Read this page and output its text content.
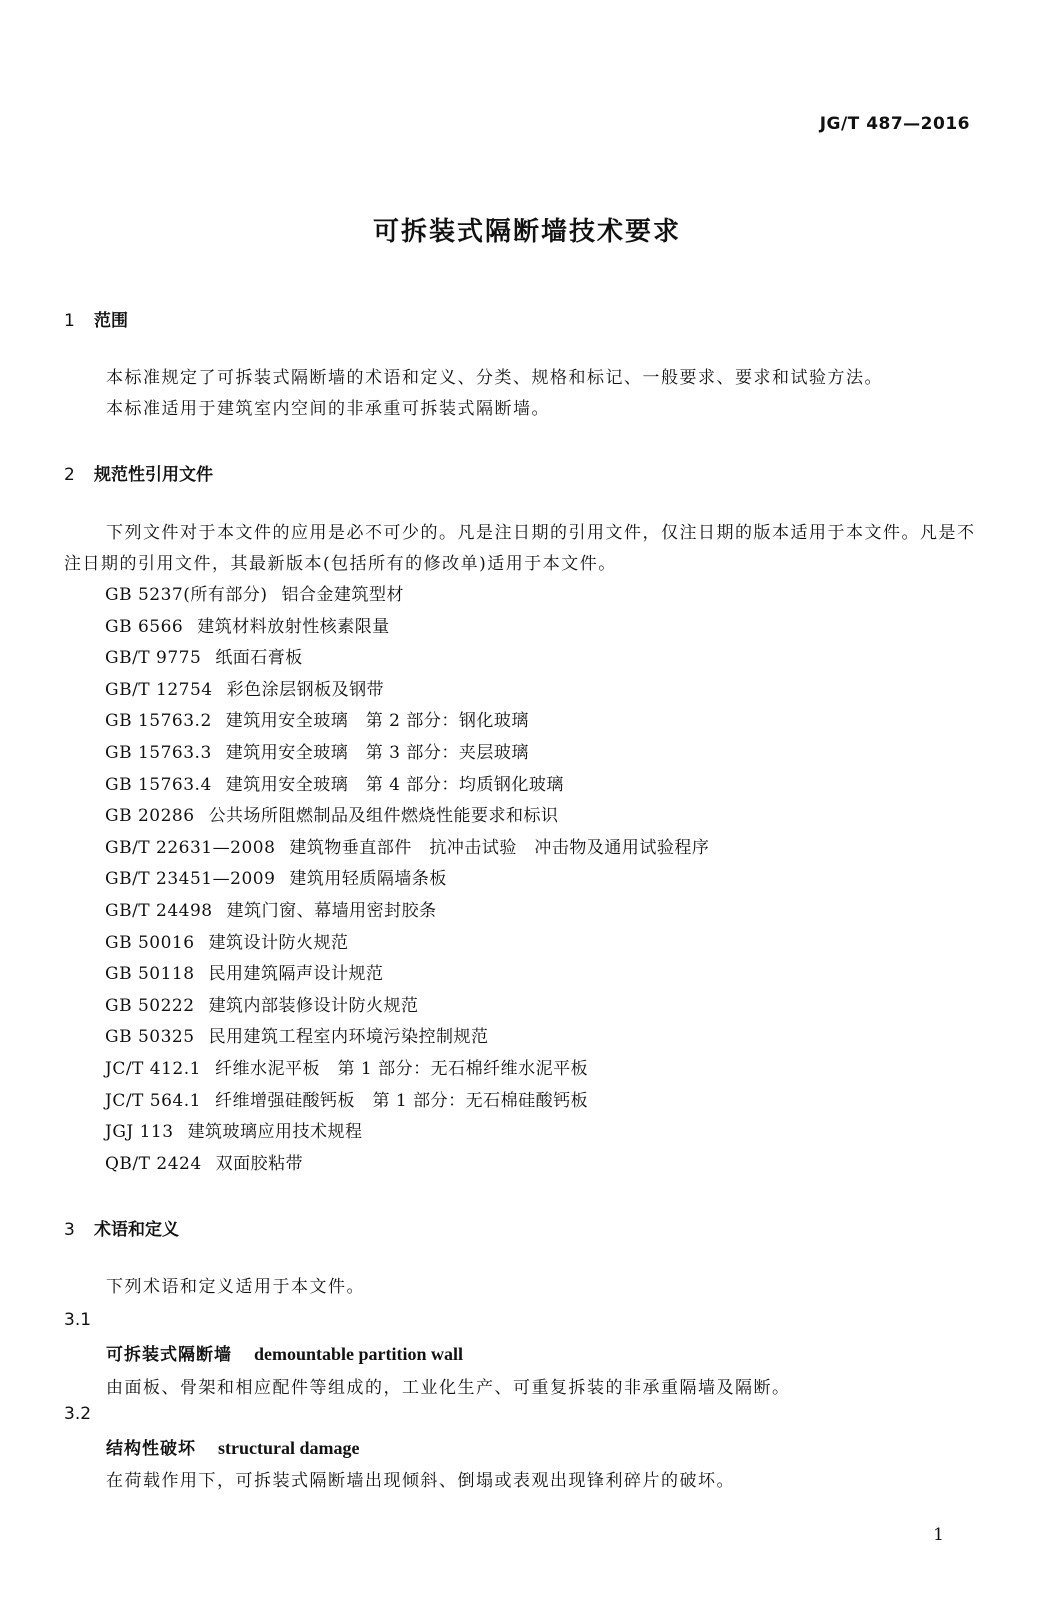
JG/T 487—2016
可拆装式隔断墙技术要求
1 范围

本标准规定了可拆装式隔断墙的术语和定义、分类、规格和标记、一般要求、要求和试验方法。

本标准适用于建筑室内空间的非承重可拆装式隔断墙。

2 规范性引用文件

下列文件对于本文件的应用是必不可少的。凡是注日期的引用文件，仅注日期的版本适用于本文件。凡是不注日期的引用文件，其最新版本(包括所有的修改单)适用于本文件。

GB 5237(所有部分) 铝合金建筑型材
GB 6566 建筑材料放射性核素限量
GB/T 9775 纸面石膏板
GB/T 12754 彩色涂层钢板及钢带
GB 15763.2 建筑用安全玻璃　第 2 部分：钢化玻璃
GB 15763.3 建筑用安全玻璃　第 3 部分：夹层玻璃
GB 15763.4 建筑用安全玻璃　第 4 部分：均质钢化玻璃
GB 20286 公共场所阻燃制品及组件燃烧性能要求和标识
GB/T 22631—2008 建筑物垂直部件　抗冲击试验　冲击物及通用试验程序
GB/T 23451—2009 建筑用轻质隔墙条板
GB/T 24498 建筑门窗、幕墙用密封胶条
GB 50016 建筑设计防火规范
GB 50118 民用建筑隔声设计规范
GB 50222 建筑内部装修设计防火规范
GB 50325 民用建筑工程室内环境污染控制规范
JC/T 412.1 纤维水泥平板　第 1 部分：无石棉纤维水泥平板
JC/T 564.1 纤维增强硅酸钙板　第 1 部分：无石棉硅酸钙板
JGJ 113 建筑玻璃应用技术规程
QB/T 2424 双面胶粘带
3 术语和定义

下列术语和定义适用于本文件。

3.1
可拆装式隔断墙 demountable partition wall
由面板、骨架和相应配件等组成的，工业化生产、可重复拆装的非承重隔墙及隔断。
3.2
结构性破坏 structural damage
在荷载作用下，可拆装式隔断墙出现倾斜、倒塌或表观出现锋利碎片的破坏。
1
